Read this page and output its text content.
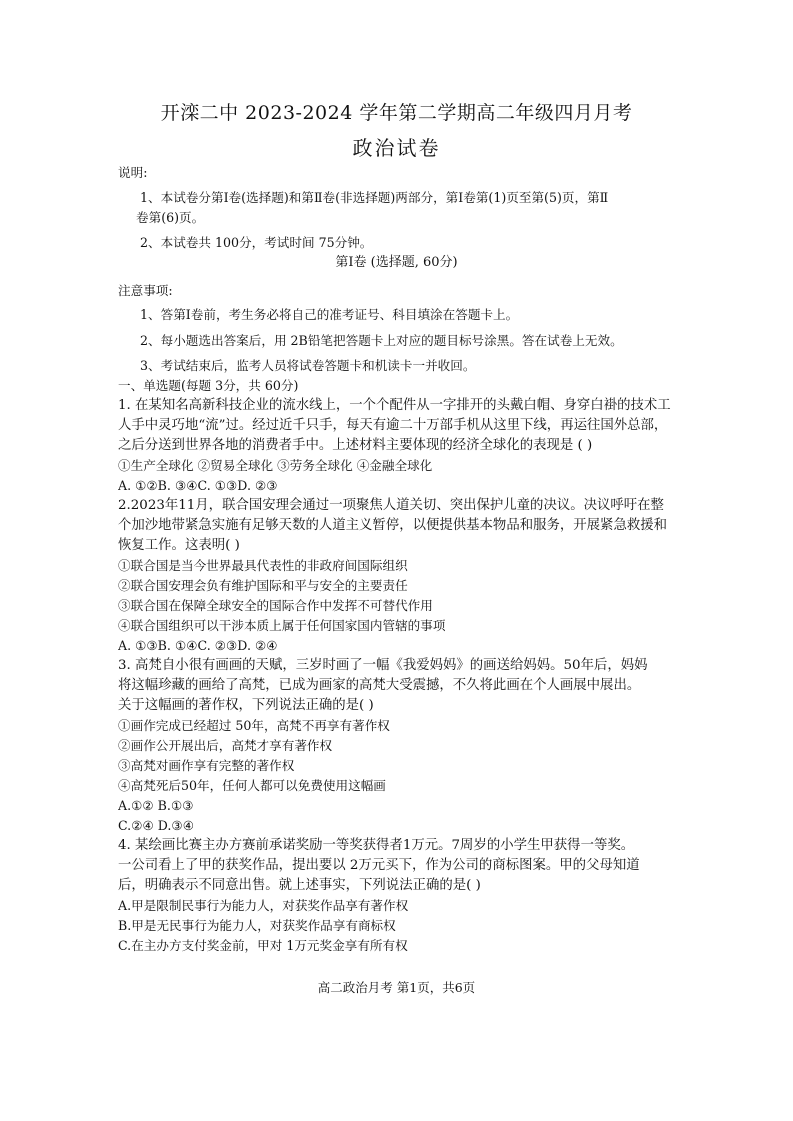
开滦二中 2023-2024 学年第二学期高二年级四月月考
政治试卷
说明:
1、本试卷分第Ⅰ卷(选择题)和第Ⅱ卷(非选择题)两部分，第Ⅰ卷第(1)页至第(5)页，第Ⅱ
卷第(6)页。
2、本试卷共 100分，考试时间 75分钟。
第Ⅰ卷 (选择题, 60分)
注意事项:
1、答第Ⅰ卷前，考生务必将自己的准考证号、科目填涂在答题卡上。
2、每小题选出答案后，用 2B铅笔把答题卡上对应的题目标号涂黑。答在试卷上无效。
3、考试结束后，监考人员将试卷答题卡和机读卡一并收回。
一、单选题(每题 3分，共 60分)
1. 在某知名高新科技企业的流水线上，一个个配件从一字排开的头戴白帽、身穿白褂的技术工
人手中灵巧地“流”过。经过近千只手，每天有逾二十万部手机从这里下线，再运往国外总部，
之后分送到世界各地的消费者手中。上述材料主要体现的经济全球化的表现是 ( )
①生产全球化 ②贸易全球化 ③劳务全球化 ④金融全球化
A. ①②B. ③④C. ①③D. ②③
2.2023年11月，联合国安理会通过一项聚焦人道关切、突出保护儿童的决议。决议呼吁在整
个加沙地带紧急实施有足够天数的人道主义暂停，以便提供基本物品和服务，开展紧急救援和
恢复工作。这表明( )
①联合国是当今世界最具代表性的非政府间国际组织
②联合国安理会负有维护国际和平与安全的主要责任
③联合国在保障全球安全的国际合作中发挥不可替代作用
④联合国组织可以干涉本质上属于任何国家国内管辖的事项
A. ①③B. ①④C. ②③D. ②④
3. 高梵自小很有画画的天赋，三岁时画了一幅《我爱妈妈》的画送给妈妈。50年后，妈妈
将这幅珍藏的画给了高梵，已成为画家的高梵大受震撼，不久将此画在个人画展中展出。
关于这幅画的著作权，下列说法正确的是( )
①画作完成已经超过 50年，高梵不再享有著作权
②画作公开展出后，高梵才享有著作权
③高梵对画作享有完整的著作权
④高梵死后50年，任何人都可以免费使用这幅画
A.①② B.①③
C.②④ D.③④
4. 某绘画比赛主办方赛前承诺奖励一等奖获得者1万元。7周岁的小学生甲获得一等奖。
一公司看上了甲的获奖作品，提出要以 2万元买下，作为公司的商标图案。甲的父母知道
后，明确表示不同意出售。就上述事实，下列说法正确的是( )
A.甲是限制民事行为能力人，对获奖作品享有著作权
B.甲是无民事行为能力人，对获奖作品享有商标权
C.在主办方支付奖金前，甲对 1万元奖金享有所有权
高二政治月考 第1页，共6页
